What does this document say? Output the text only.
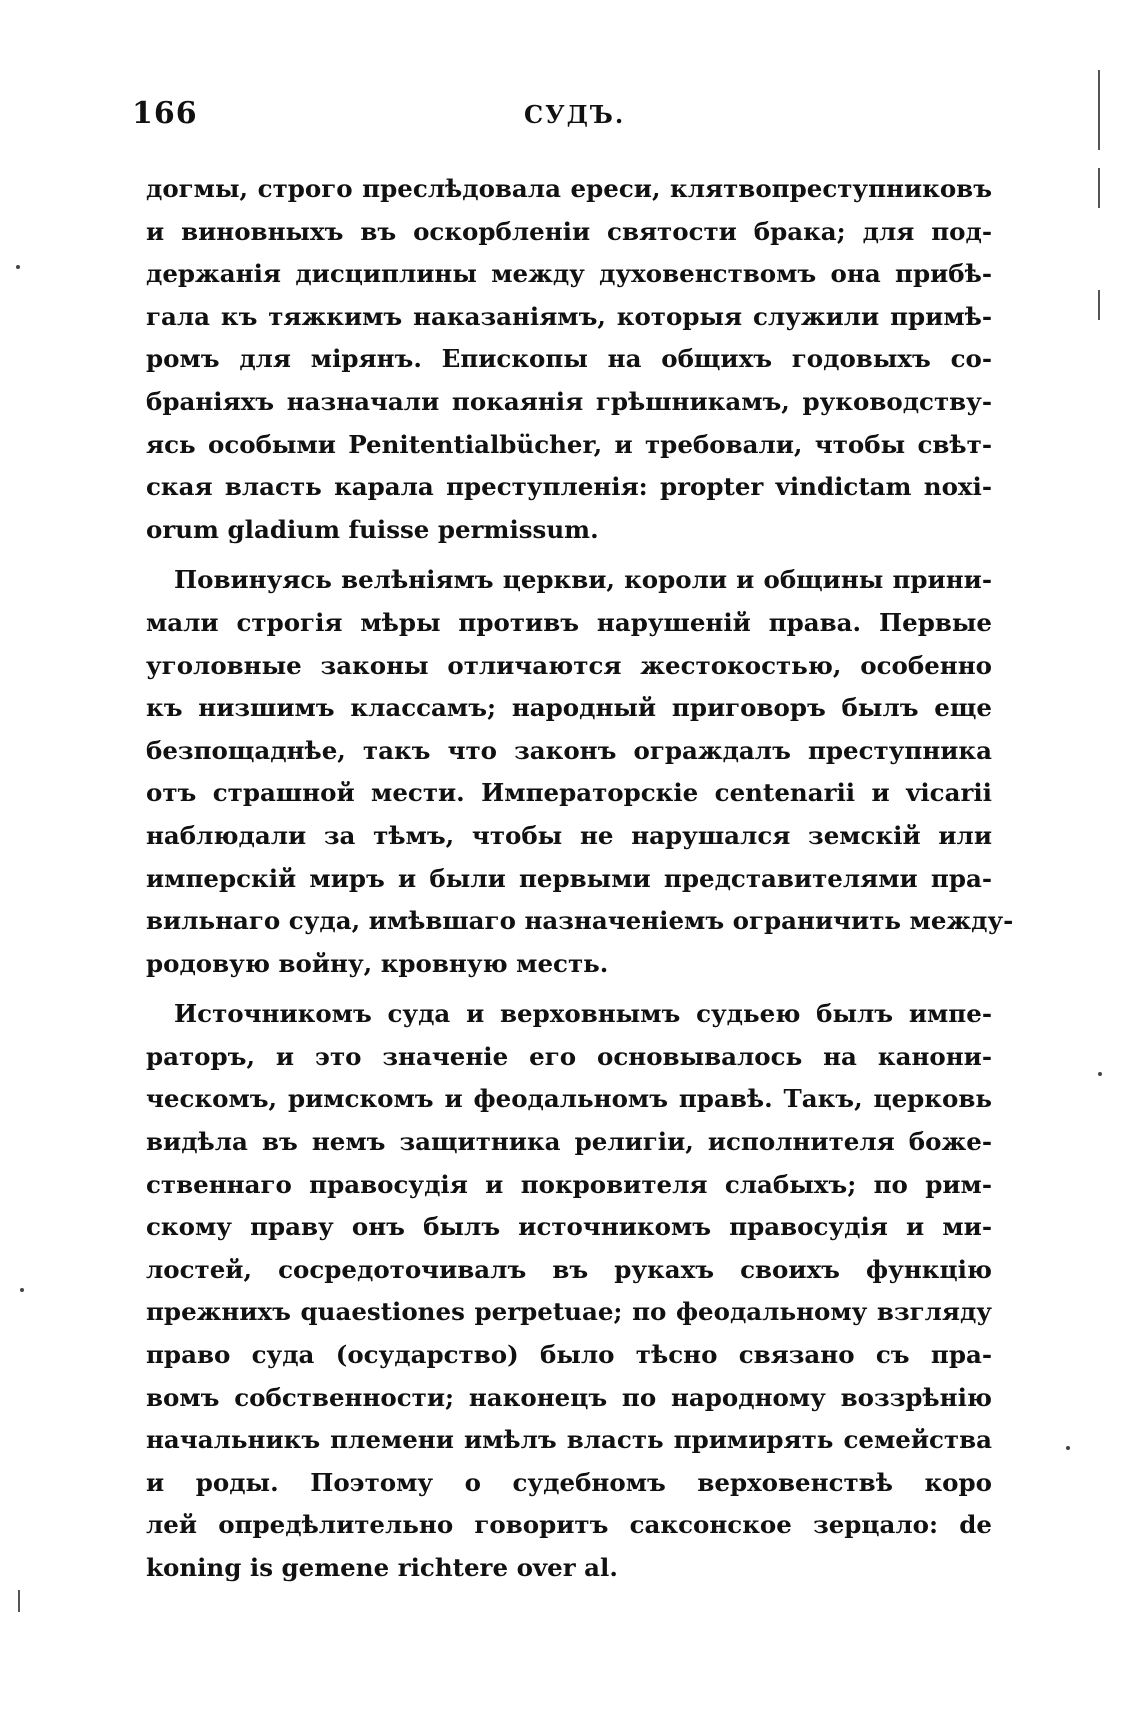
166	СУДЪ.

догмы, строго преслѣдовала ереси, клятвопреступниковъ
и виновныхъ въ оскорбленіи святости брака; для под-
держанія дисциплины между духовенствомъ она прибѣ-
гала къ тяжкимъ наказаніямъ, которыя служили примѣ-
ромъ для мірянъ. Епископы на общихъ годовыхъ со-
браніяхъ назначали покаянія грѣшникамъ, руководству-
ясь особыми Penitentialbücher, и требовали, чтобы свѣт-
ская власть карала преступленія: propter vindictam noxi-
orum gladium fuisse permissum.

Повинуясь велѣніямъ церкви, короли и общины прини-
мали строгія мѣры противъ нарушеній права. Первые
уголовные законы отличаются жестокостью, особенно
къ низшимъ классамъ; народный приговоръ былъ еще
безпощаднѣе, такъ что законъ ограждалъ преступника
отъ страшной мести. Императорскіе centenarii и vicarii
наблюдали за тѣмъ, чтобы не нарушался земскій или
имперскій миръ и были первыми представителями пра-
вильнаго суда, имѣвшаго назначеніемъ ограничить между-
родовую войну, кровную месть.

Источникомъ суда и верховнымъ судьею былъ импе-
раторъ, и это значеніе его основывалось на канони-
ческомъ, римскомъ и феодальномъ правѣ. Такъ, церковь
видѣла въ немъ защитника религіи, исполнителя боже-
ственнаго правосудія и покровителя слабыхъ; по рим-
скому праву онъ былъ источникомъ правосудія и ми-
лостей, сосредоточивалъ въ рукахъ своихъ функцію
прежнихъ quaestiones perpetuae; по феодальному взгляду
право суда (осударство) было тѣсно связано съ пра-
вомъ собственности; наконецъ по народному воззрѣнію
начальникъ племени имѣлъ власть примирять семейства
и роды. Поэтому о судебномъ верховенствѣ коро
лей опредѣлительно говоритъ саксонское зерцало: de
koning is gemene richtere over al.
